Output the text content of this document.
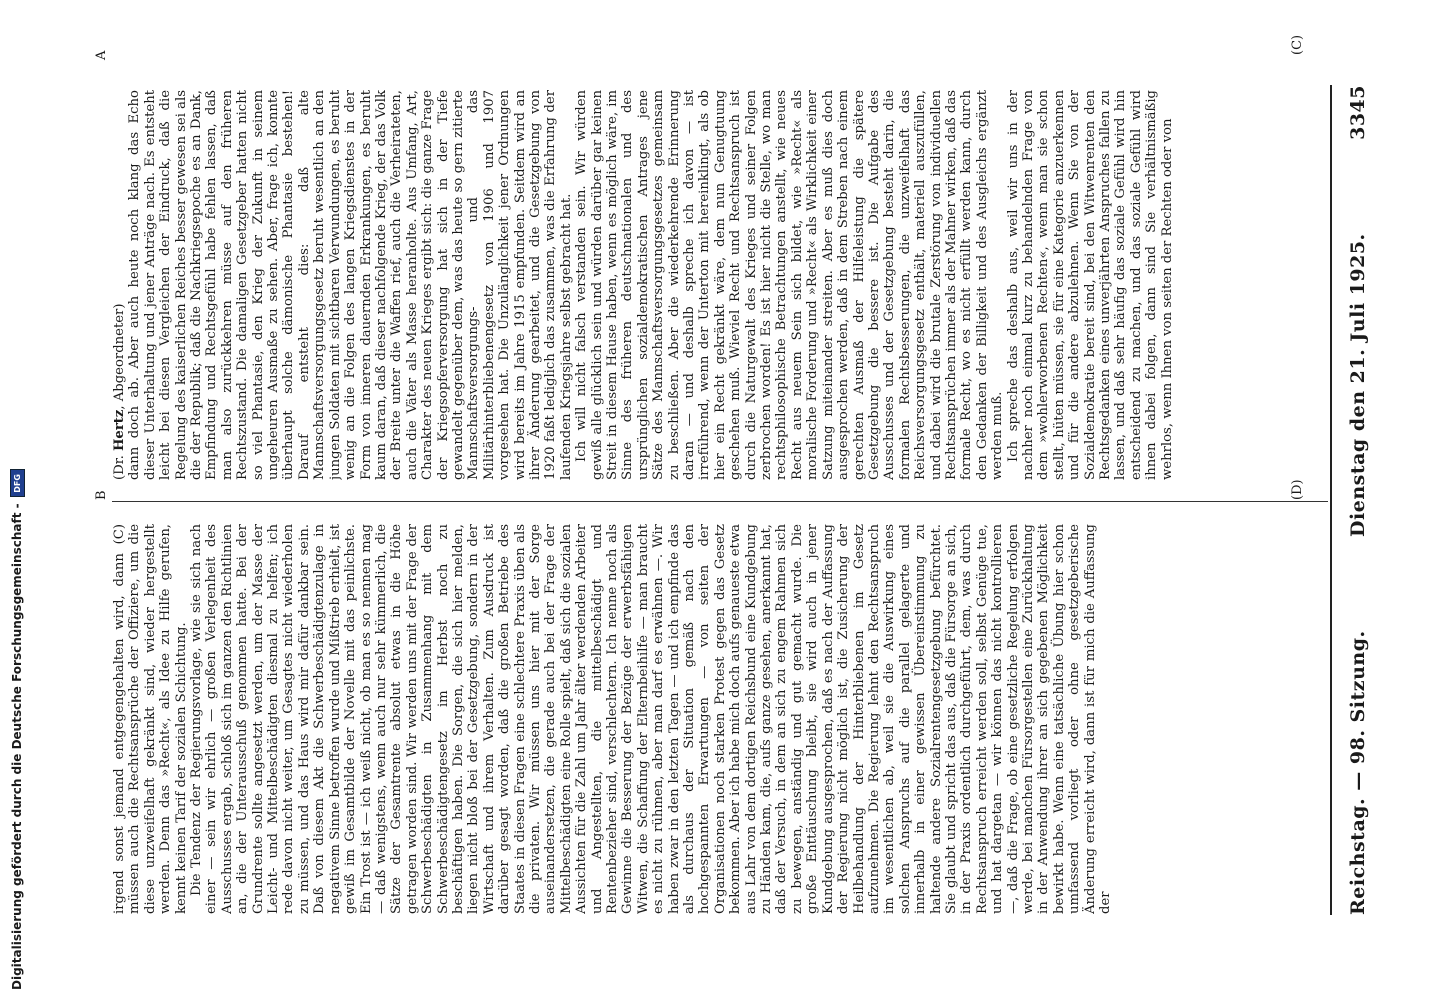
Reichstag. — 98. Sitzung.
Dienstag den 21. Juli 1925.
3345

(Dr. Hertz, Abgeordneter) dann doch ab. Aber auch heute noch klang das Echo dieser Unterhaltung und jener Anträge nach. Es entsteht leicht bei diesen Vergleichen der Eindruck, daß die Regelung des kaiserlichen Reiches besser gewesen sei als die der Republik; daß die Nachkriegsepoche es an Dank, Empfindung und Rechtsgefühl habe fehlen lassen, daß man also zurückkehren müsse auf den früheren Rechtszustand. Die damaligen Gesetzgeber hatten nicht so viel Phantasie, den Krieg der Zukunft in seinem ungeheuren Ausmaße zu sehen. Aber, frage ich, konnte überhaupt solche dämonische Phantasie bestehen! Darauf entsteht dies: daß alte Mannschaftsversorgungsgesetz beruht wesentlich an den jungen Soldaten mit sichtbaren Verwundungen, es beruht wenig an die Folgen des langen Kriegsdienstes in der Form von inneren dauernden Erkrankungen, es beruht kaum daran, daß dieser nachfolgende Krieg, der das Volk der Breite unter die Waffen rief, auch die Verheirateten, auch die Väter als Masse heranholte. Aus Umfang, Art, Charakter des neuen Krieges ergibt sich: die ganze Frage der Kriegsopferversorgung hat sich in der Tiefe gewandelt gegenüber dem, was das heute so gern zitierte Mannschaftsversorgungs- und das Militärhinterbliebenengesetz von 1906 und 1907 vorgesehen hat. Die Unzulänglichkeit jener Ordnungen wird bereits im Jahre 1915 empfunden. Seitdem wird an ihrer Änderung gearbeitet, und die Gesetzgebung von 1920 faßt lediglich das zusammen, was die Erfahrung der laufenden Kriegsjahre selbst gebracht hat. Ich will nicht falsch verstanden sein. Wir würden gewiß alle glücklich sein und würden darüber gar keinen Streit in diesem Hause haben, wenn es möglich wäre, im Sinne des früheren deutschnationalen und des ursprünglichen sozialdemokratischen Antrages jene Sätze des Mannschaftsversorgungsgesetzes gemeinsam zu beschließen. Aber die wiederkehrende Erinnerung daran — und deshalb spreche ich davon — ist irreführend, wenn der Unterton mit hereinklingt, als ob hier ein Recht gekränkt wäre, dem nun Genugtuung geschehen muß. Wieviel Recht und Rechtsanspruch ist durch die Naturgewalt des Krieges und seiner Folgen zerbrochen worden! Es ist hier nicht die Stelle, wo man rechtsphilosophische Betrachtungen anstellt, wie neues Recht aus neuem Sein sich bildet, wie »Recht« als moralische Forderung und »Recht« als Wirklichkeit einer Satzung miteinander streiten. Aber es muß dies doch ausgesprochen werden, daß in dem Streben nach einem gerechten Ausmaß der Hilfeleistung die spätere Gesetzgebung die bessere ist. Die Aufgabe des Ausschusses und der Gesetzgebung besteht darin, die formalen Rechtsbesserungen, die unzweifelhaft das Reichsversorgungsgesetz enthält, materiell auszufüllen, und dabei wird die brutale Zerstörung von individuellen Rechtsansprüchen immer als der Mahner wirken, daß das formale Recht, wo es nicht erfüllt werden kann, durch den Gedanken der Billigkeit und des Ausgleichs ergänzt werden muß. Ich spreche das deshalb aus, weil wir uns in der nachher noch einmal kurz zu behandelnden Frage von dem »wohlerworbenen Rechten«, wenn man sie schon stellt, hüten müssen, sie für eine Kategorie anzuerkennen und für die andere abzulehnen. Wenn Sie von der Sozialdemokratie bereit sind, bei den Witwenrenten den Rechtsgedanken eines unverjährten Anspruches fallen zu lassen, und daß sehr häufig das soziale Gefühl wird hin entscheidend zu machen, und das soziale Gefühl wird ihnen dabei folgen, dann sind Sie verhältnismäßig wehrlos, wenn Ihnen von seiten der Rechten oder von

irgend sonst jemand entgegengehalten wird, dann (C) müssen auch die Rechtsansprüche der Offiziere, um die diese unzweifelhaft gekränkt sind, wieder hergestellt werden. Denn das »Recht«, als Idee zu Hilfe gerufen, kennt keinen Tarif der sozialen Schichtung. Die Tendenz der Regierungsvorlage, wie sie sich nach einer — sein wir ehrlich — großen Verlegenheit des Ausschusses ergab, schloß sich im ganzen den Richtlinien an, die der Unterausschuß genommen hatte. Bei der Grundrente sollte angesetzt werden, um der Masse der Leicht- und Mittelbeschädigten diesmal zu helfen; ich rede davon nicht weiter, um Gesagtes nicht wiederholen zu müssen, und das Haus wird mir dafür dankbar sein. Daß von diesem Akt die Schwerbeschädigtenzulage in negativem Sinne betroffen wurde und Mißtrieb erhielt, ist gewiß im Gesamtbilde der Novelle mit das peinlichste. Ein Trost ist — ich weiß nicht, ob man es so nennen mag — daß wenigstens, wenn auch nur sehr kümmerlich, die Sätze der Gesamtrente absolut etwas in die Höhe getragen worden sind. Wir werden uns mit der Frage der Schwerbeschädigten in Zusammenhang mit dem Schwerbeschädigtengesetz im Herbst noch zu beschäftigen haben. Die Sorgen, die sich hier melden, liegen nicht bloß bei der Gesetzgebung, sondern in der Wirtschaft und ihrem Verhalten. Zum Ausdruck ist darüber gesagt worden, daß die großen Betriebe des Staates in diesen Fragen eine schlechtere Praxis üben als die privaten. Wir müssen uns hier mit der Sorge auseinandersetzen, die gerade auch bei der Frage der Mittelbeschädigten eine Rolle spielt, daß sich die sozialen Aussichten für die Zahl um Jahr älter werdenden Arbeiter und Angestellten, die mittelbeschädigt und Rentenbezieher sind, verschlechtern. Ich nenne noch als Gewinne die Besserung der Bezüge der erwerbsfähigen Witwen, die Schaffung der Elternbeihilfe — man braucht es nicht zu rühmen, aber man darf es erwähnen —. Wir haben zwar in den letzten Tagen — und ich empfinde das als durchaus der Situation gemäß nach den hochgespannten Erwartungen — von seiten der Organisationen noch starken Protest gegen das Gesetz bekommen. Aber ich habe mich doch aufs genaueste etwa aus Lahr von dem dortigen Reichsbund eine Kundgebung zu Händen kam, die, aufs ganze gesehen, anerkannt hat, daß der Versuch, in dem an sich zu engem Rahmen sich zu bewegen, anständig und gut gemacht wurde. Die große Enttäuschung bleibt, sie wird auch in jener Kundgebung ausgesprochen, daß es nach der Auffassung der Regierung nicht möglich ist, die Zusicherung der Heilbehandlung der Hinterbliebenen im Gesetz aufzunehmen. Die Regierung lehnt den Rechtsanspruch im wesentlichen ab, weil sie die Auswirkung eines solchen Anspruchs auf die parallel gelagerte und innerhalb in einer gewissen Übereinstimmung zu haltende andere Sozialrentengesetzgebung befürchtet. Sie glaubt und spricht das aus, daß die Fürsorge an sich, in der Praxis ordentlich durchgeführt, dem, was durch Rechtsanspruch erreicht werden soll, selbst Genüge tue, und hat dargetan — wir können das nicht kontrollieren —, daß die Frage, ob eine gesetzliche Regelung erfolgen werde, bei manchen Fürsorgestellen eine Zurückhaltung in der Anwendung ihrer an sich gegebenen Möglichkeit bewirkt habe. Wenn eine tatsächliche Übung hier schon umfassend vorliegt oder ohne gesetzgeberische Änderung erreicht wird, dann ist für mich die Auffassung der

A
B
(C)
(D)
Digitalisierung gefördert durch die Deutsche Forschungsgemeinschaft -
DFG
